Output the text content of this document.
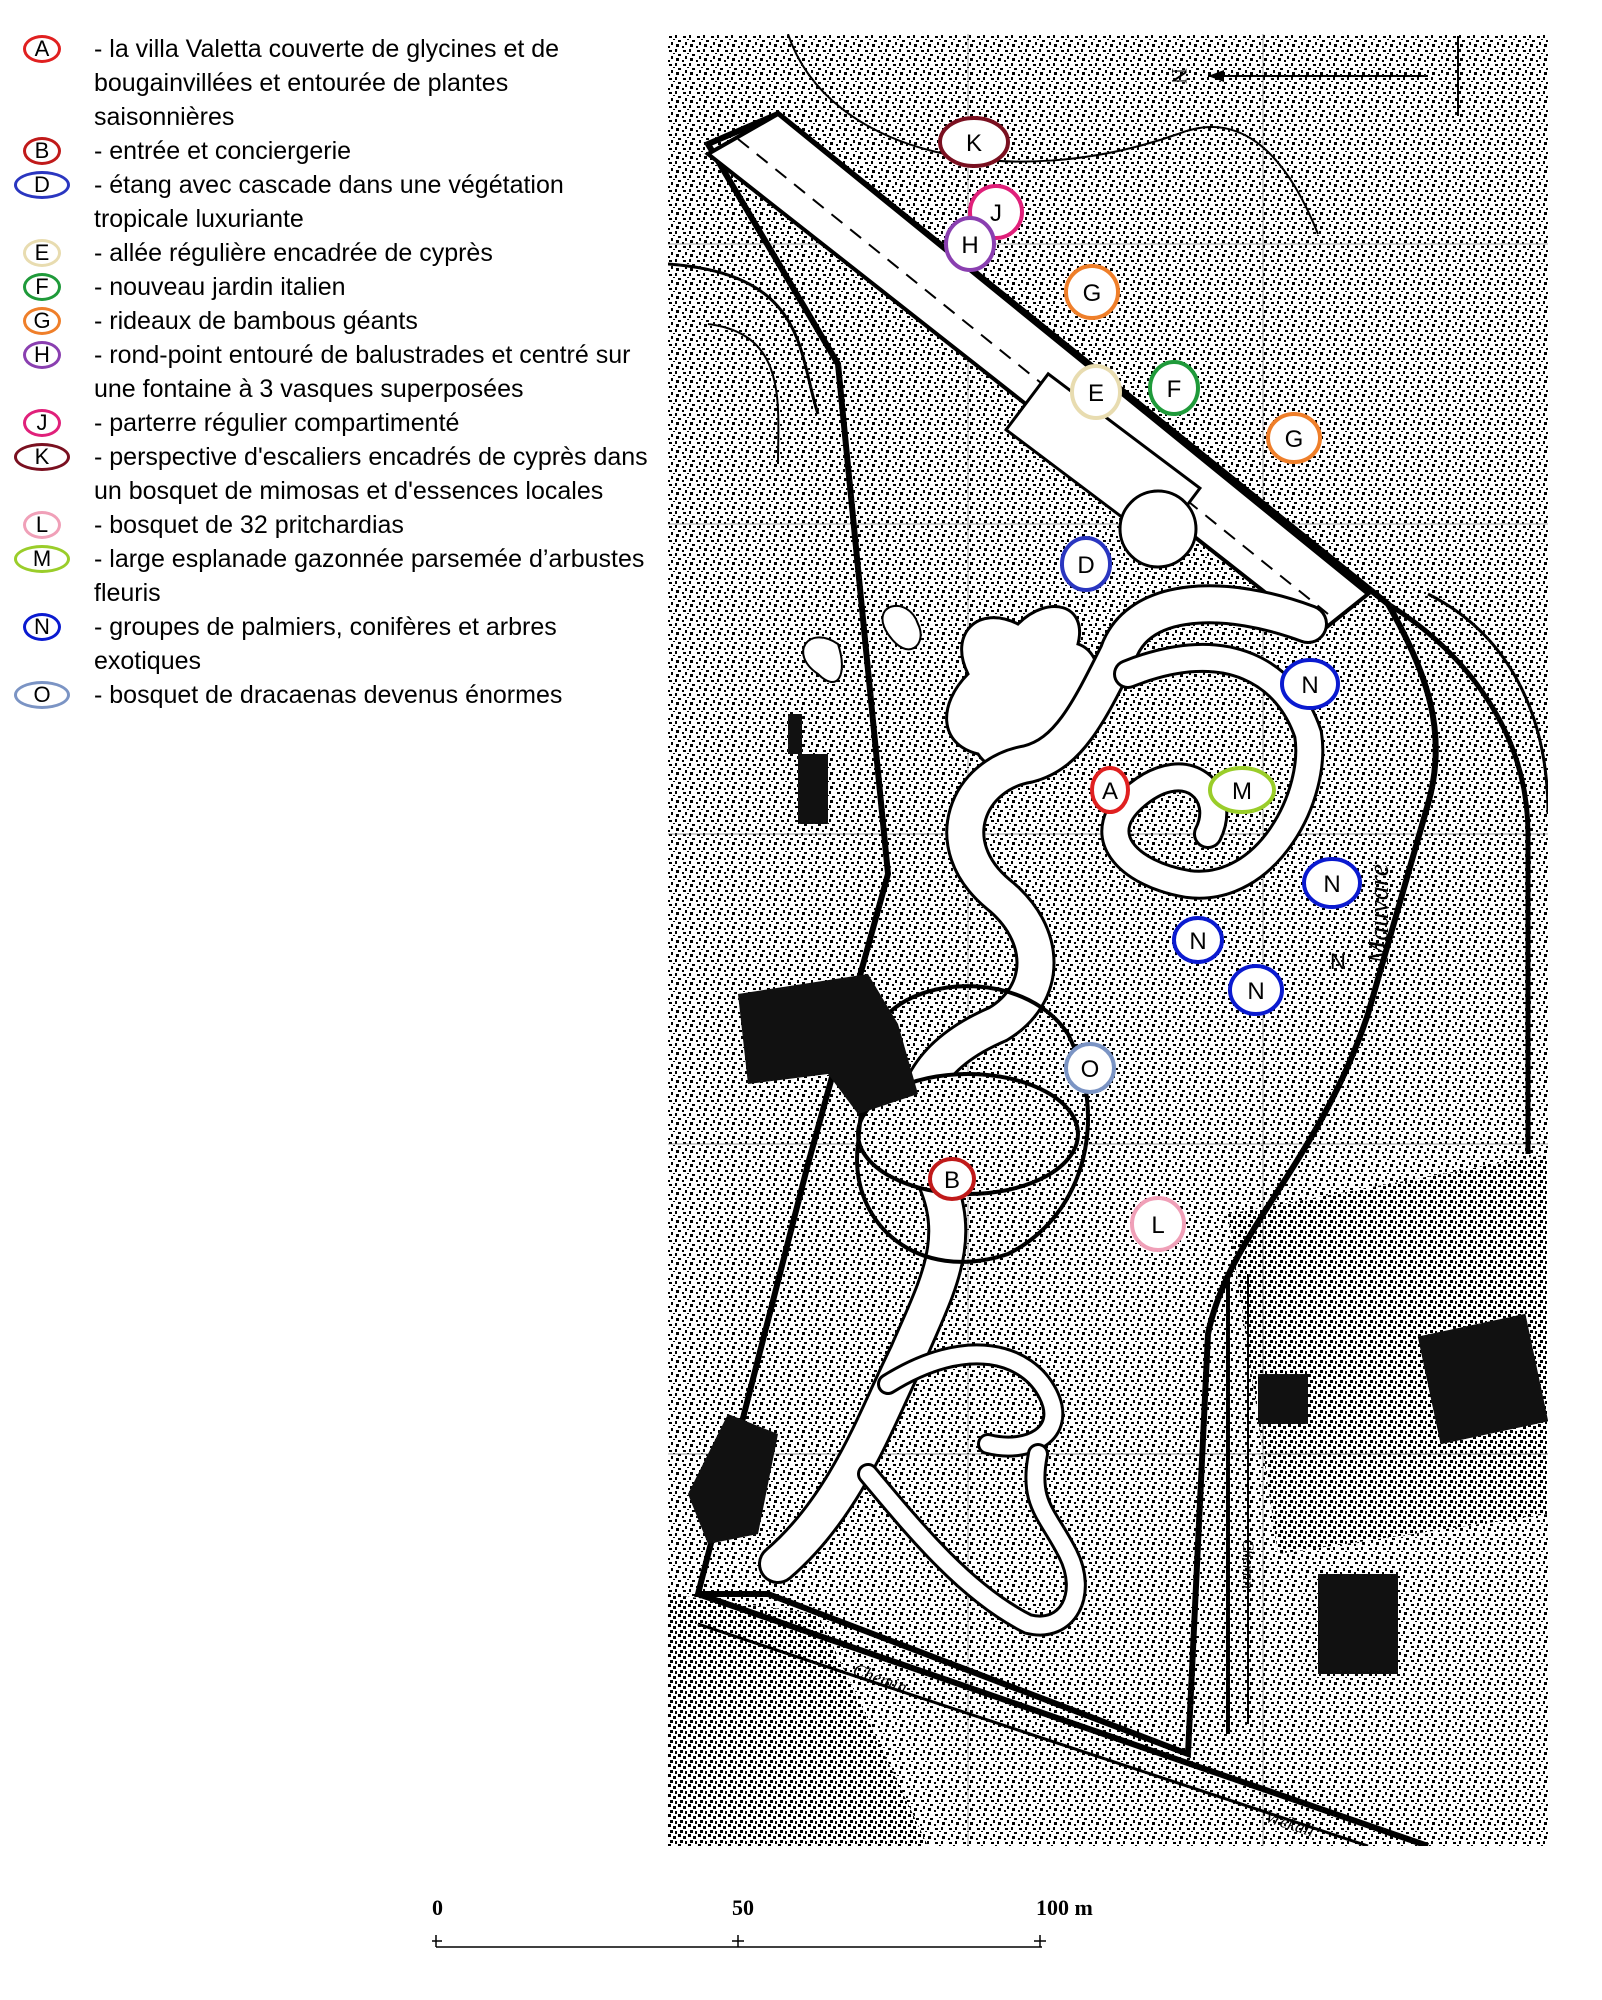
A	- la villa Valetta couverte de glycines et de bougainvillées et entourée de plantes saisonnières
B	- entrée et conciergerie
D	- étang avec cascade dans une végétation tropicale luxuriante
E	- allée régulière encadrée de cyprès
F	- nouveau jardin italien
G	- rideaux de bambous géants
H	- rond-point entouré de balustrades et centré sur une fontaine à 3 vasques superposées
J	- parterre régulier compartimenté
K	- perspective d'escaliers encadrés de cyprès dans un bosquet de mimosas et d'essences locales
L	- bosquet de 32 pritchardias
M	- large esplanade gazonnée parsemée d’arbustes fleuris
N	- groupes de palmiers, conifères et arbres exotiques
O	- bosquet de dracaenas devenus énormes
N
Mauvare
N
Chemin
Chemin
Vrekalı
K
J
H
G
E	F
G
D
N
M
A
N
N
N
O
B
L
0	50	100 m
